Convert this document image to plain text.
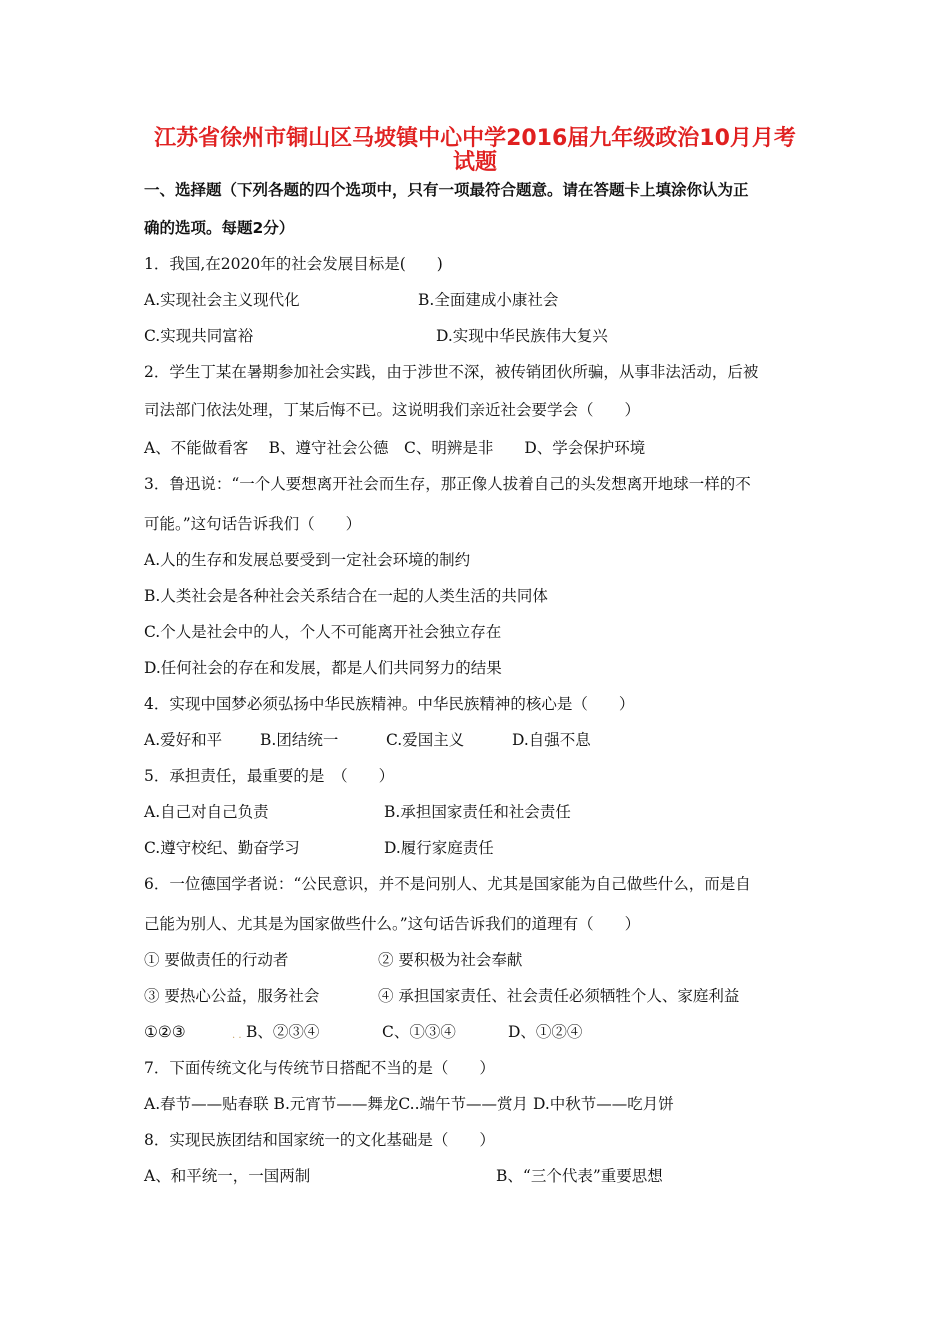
江苏省徐州市铜山区马坡镇中心中学2016届九年级政治10月月考
试题
一、选择题（下列各题的四个选项中，只有一项最符合题意。请在答题卡上填涂你认为正
确的选项。每题2分）
1．我国,在2020年的社会发展目标是(　　)
A.实现社会主义现代化	B.全面建成小康社会
C.实现共同富裕	D.实现中华民族伟大复兴
2．学生丁某在暑期参加社会实践，由于涉世不深，被传销团伙所骗，从事非法活动，后被
司法部门依法处理，丁某后悔不已。这说明我们亲近社会要学会（　　）
A、不能做看客　 B、遵守社会公德　C、明辨是非　　D、学会保护环境
3．鲁迅说：“一个人要想离开社会而生存，那正像人拔着自己的头发想离开地球一样的不
可能。”这句话告诉我们（　　）
A.人的生存和发展总要受到一定社会环境的制约
B.人类社会是各种社会关系结合在一起的人类生活的共同体
C.个人是社会中的人，个人不可能离开社会独立存在
D.任何社会的存在和发展，都是人们共同努力的结果
4．实现中国梦必须弘扬中华民族精神。中华民族精神的核心是（　　）
A.爱好和平 B.团结统一	C.爱国主义	D.自强不息
5．承担责任，最重要的是　（　　）
A.自己对自己负责	B.承担国家责任和社会责任
C.遵守校纪、勤奋学习	D.履行家庭责任
6．一位德国学者说：“公民意识，并不是问别人、尤其是国家能为自己做些什么，而是自
己能为别人、尤其是为国家做些什么。”这句话告诉我们的道理有（　　）
① 要做责任的行动者	② 要积极为社会奉献
③ 要热心公益，服务社会	④ 承担国家责任、社会责任必须牺牲个人、家庭利益
①②③	. . B、②③④	C、①③④	D、①②④
7．下面传统文化与传统节日搭配不当的是（　　）
A.春节——贴春联 B.元宵节——舞龙C..端午节——赏月 D.中秋节——吃月饼
8．实现民族团结和国家统一的文化基础是（　　）
A、和平统一，一国两制	B、“三个代表”重要思想
